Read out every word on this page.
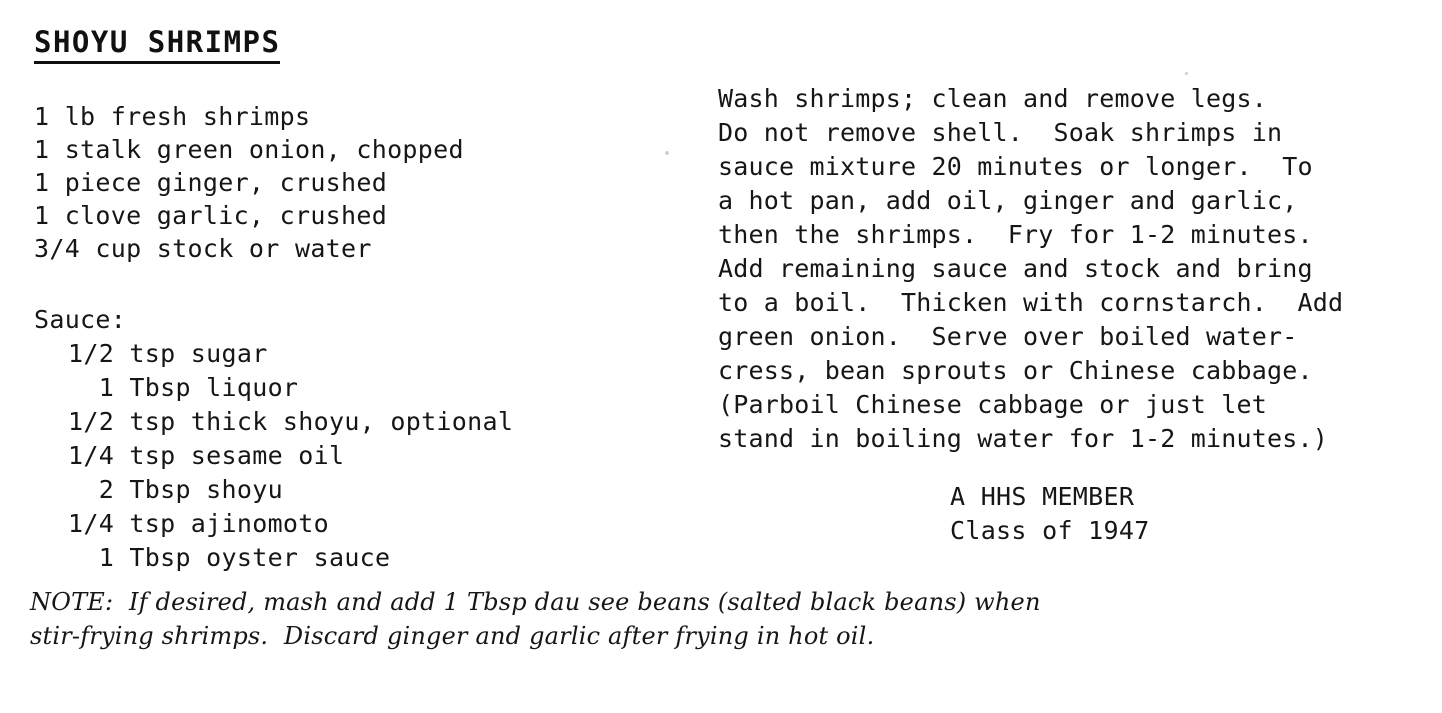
SHOYU SHRIMPS
1 lb fresh shrimps
1 stalk green onion, chopped
1 piece ginger, crushed
1 clove garlic, crushed
3/4 cup stock or water
Sauce:
1/2 tsp sugar
1 Tbsp liquor
1/2 tsp thick shoyu, optional
1/4 tsp sesame oil
2 Tbsp shoyu
1/4 tsp ajinomoto
1 Tbsp oyster sauce
Wash shrimps; clean and remove legs.
Do not remove shell.  Soak shrimps in
sauce mixture 20 minutes or longer.  To
a hot pan, add oil, ginger and garlic,
then the shrimps.  Fry for 1-2 minutes.
Add remaining sauce and stock and bring
to a boil.  Thicken with cornstarch.  Add
green onion.  Serve over boiled water-
cress, bean sprouts or Chinese cabbage.
(Parboil Chinese cabbage or just let
stand in boiling water for 1-2 minutes.)
A HHS MEMBER
Class of 1947
NOTE:  If desired, mash and add 1 Tbsp dau see beans (salted black beans) when
stir-frying shrimps.  Discard ginger and garlic after frying in hot oil.
